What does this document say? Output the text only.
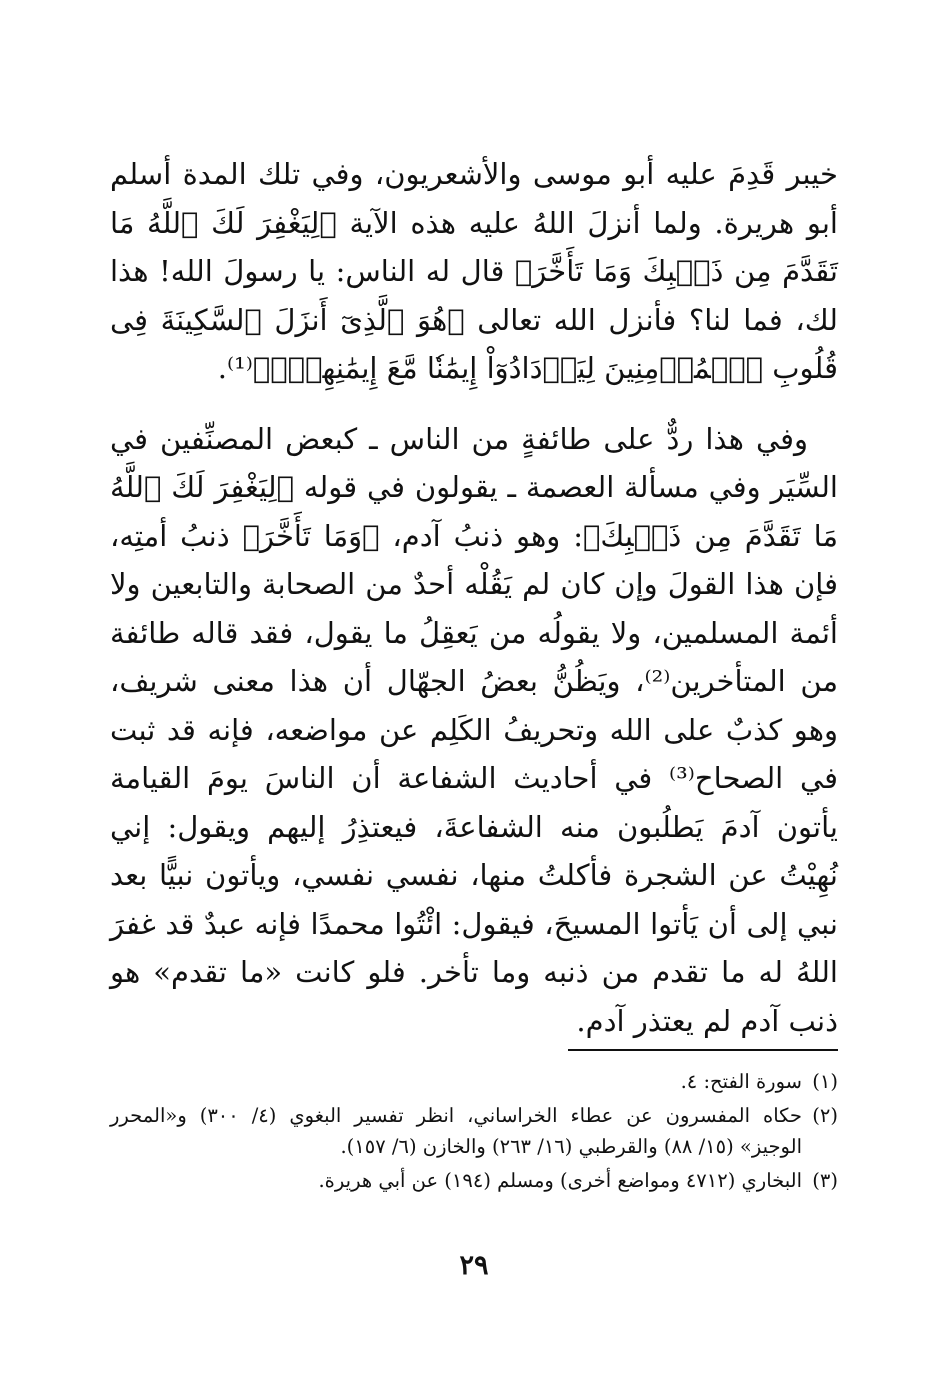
خيبر قَدِمَ عليه أبو موسى والأشعريون، وفي تلك المدة أسلم أبو هريرة. ولما أنزلَ اللهُ عليه هذه الآية ﴿لِيَغْفِرَ لَكَ ٱللَّهُ مَا تَقَدَّمَ مِن ذَنۢبِكَ وَمَا تَأَخَّرَ﴾ قال له الناس: يا رسولَ الله! هذا لك، فما لنا؟ فأنزل الله تعالى ﴿هُوَ ٱلَّذِىٓ أَنزَلَ ٱلسَّكِينَةَ فِى قُلُوبِ ٱلۡمُؤۡمِنِينَ لِيَزۡدَادُوٓاْ إِيمَٰنٗا مَّعَ إِيمَٰنِهِمۡۗ﴾⁽¹⁾.

وفي هذا ردٌّ على طائفةٍ من الناس ـ كبعض المصنِّفين في السِّيَر وفي مسألة العصمة ـ يقولون في قوله ﴿لِيَغْفِرَ لَكَ ٱللَّهُ مَا تَقَدَّمَ مِن ذَنۢبِكَ﴾: وهو ذنبُ آدم، ﴿وَمَا تَأَخَّرَ﴾ ذنبُ أمتِه، فإن هذا القولَ وإن كان لم يَقُلْه أحدٌ من الصحابة والتابعين ولا أئمة المسلمين، ولا يقولُه من يَعقِلُ ما يقول، فقد قاله طائفة من المتأخرين⁽²⁾، ويَظُنُّ بعضُ الجهّال أن هذا معنى شريف، وهو كذبٌ على الله وتحريفُ الكَلِم عن مواضعه، فإنه قد ثبت في الصحاح⁽³⁾ في أحاديث الشفاعة أن الناسَ يومَ القيامة يأتون آدمَ يَطلُبون منه الشفاعةَ، فيعتذِرُ إليهم ويقول: إني نُهِيْتُ عن الشجرة فأكلتُ منها، نفسي نفسي، ويأتون نبيًّا بعد نبي إلى أن يَأتوا المسيحَ، فيقول: ائْتُوا محمدًا فإنه عبدٌ قد غفرَ اللهُ له ما تقدم من ذنبه وما تأخر. فلو كانت «ما تقدم» هو ذنب آدم لم يعتذر آدم.

(١)
سورة الفتح: ٤.
(٢)
حكاه المفسرون عن عطاء الخراساني، انظر تفسير البغوي (٤/ ٣٠٠) و«المحرر الوجيز» (١٥/ ٨٨) والقرطبي (١٦/ ٢٦٣) والخازن (٦/ ١٥٧).
(٣)
البخاري (٤٧١٢ ومواضع أخرى) ومسلم (١٩٤) عن أبي هريرة.
٢٩
